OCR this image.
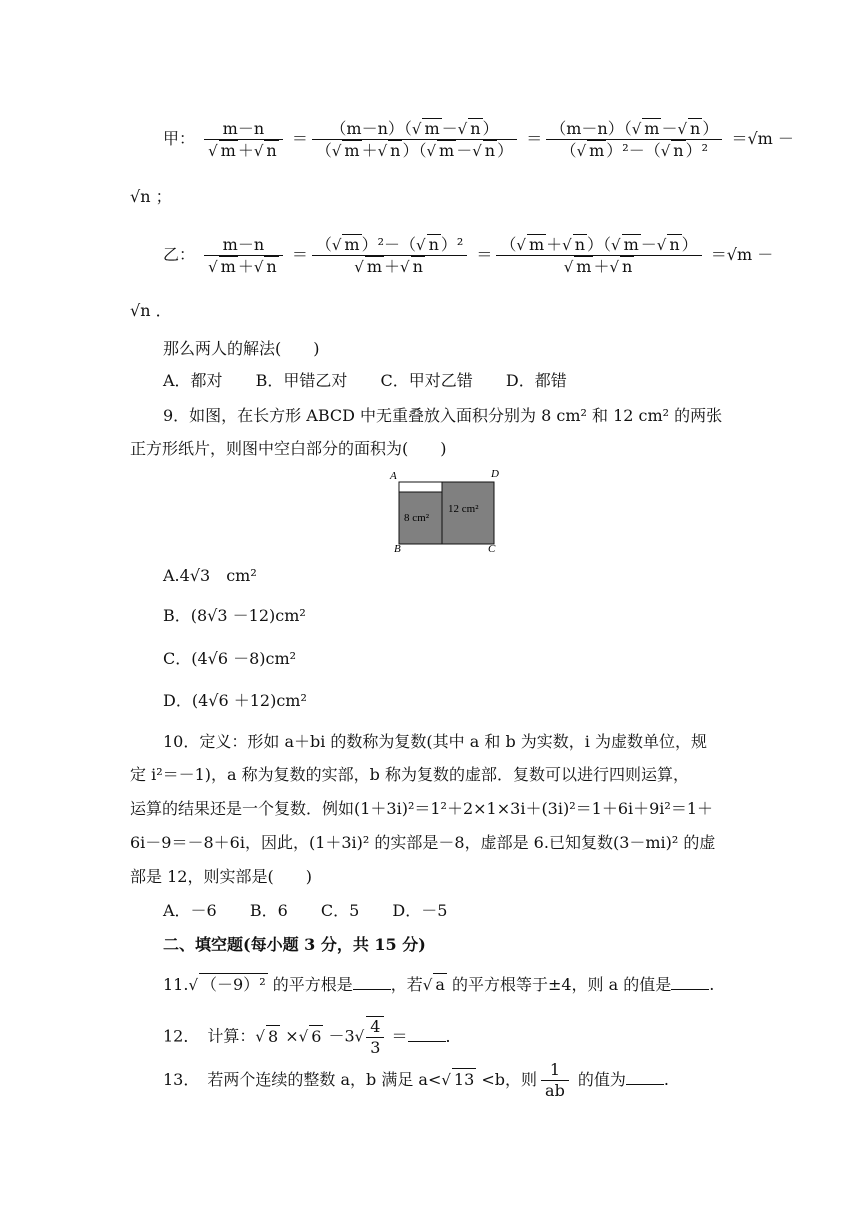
甲： $\frac{m-n}{√ m +√ n} = \frac{(m-n)(√ m -√ n )}{(√ m +√ n )(√ m -√ n )} = \frac{(m-n)(√ m -√ n )}{\text{（√ m ）²－（√ n ）²}} =√m$ －
√n ；
乙： $\frac{m-n}{√ m +√ n} = \frac{\text{（√ m ）²－（√ n ）²}}{√ m +√ n} = \frac{(√ m +√ n )(√ m -√ n )}{√ m +√ n} =√m$ －
√n ．
那么两人的解法(　　)
A．都对 B．甲错乙对 C．甲对乙错 D．都错
9．如图，在长方形 ABCD 中无重叠放入面积分别为 8 cm² 和 12 cm² 的两张
正方形纸片，则图中空白部分的面积为(　　)
A	D
B	C
8 cm²
12 cm²
A.4√3　cm²
B．(8√3 －12)cm²
C．(4√6 －8)cm²
D．(4√6 ＋12)cm²
10．定义：形如 a＋bi 的数称为复数(其中 a 和 b 为实数，i 为虚数单位，规
定 i²＝－1)，a 称为复数的实部，b 称为复数的虚部．复数可以进行四则运算，
运算的结果还是一个复数．例如(1＋3i)²＝1²＋2×1×3i＋(3i)²＝1＋6i＋9i²＝1＋
6i－9＝－8＋6i，因此，(1＋3i)² 的实部是－8，虚部是 6.已知复数(3－mi)² 的虚
部是 12，则实部是(　　)
A．－6 B．6 C．5 D．－5
二、填空题(每小题 3 分，共 15 分)
11.√ （－9）² 的平方根是 ，若√ a 的平方根等于±4，则 a 的值是 .
12．　计算：√ 8 ×√ $6 -3√ \frac{4}{3}$ ＝ ．
13．　若两个连续的整数 a，b 满足 a<√ 13 <b，则 $\frac{1}{ab}$ 的值为 .
